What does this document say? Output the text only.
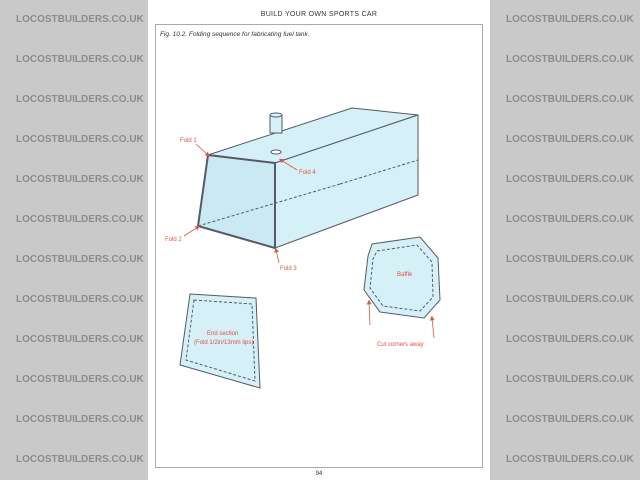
LOCOSTBUILDERS.CO.UK
LOCOSTBUILDERS.CO.UK
LOCOSTBUILDERS.CO.UK
LOCOSTBUILDERS.CO.UK
LOCOSTBUILDERS.CO.UK
LOCOSTBUILDERS.CO.UK
LOCOSTBUILDERS.CO.UK
LOCOSTBUILDERS.CO.UK
LOCOSTBUILDERS.CO.UK
LOCOSTBUILDERS.CO.UK
LOCOSTBUILDERS.CO.UK
LOCOSTBUILDERS.CO.UK
LOCOSTBUILDERS.CO.UK
LOCOSTBUILDERS.CO.UK
LOCOSTBUILDERS.CO.UK
LOCOSTBUILDERS.CO.UK
LOCOSTBUILDERS.CO.UK
LOCOSTBUILDERS.CO.UK
LOCOSTBUILDERS.CO.UK
LOCOSTBUILDERS.CO.UK
LOCOSTBUILDERS.CO.UK
LOCOSTBUILDERS.CO.UK
LOCOSTBUILDERS.CO.UK
LOCOSTBUILDERS.CO.UK
BUILD YOUR OWN SPORTS CAR
Fig. 10.2. Folding sequence for fabricating fuel tank.
94
Fold 1
Fold 4
Fold 2
Fold 3
Baffle
End section
(Fold 1/2in/13mm lips)	Cut corners away
